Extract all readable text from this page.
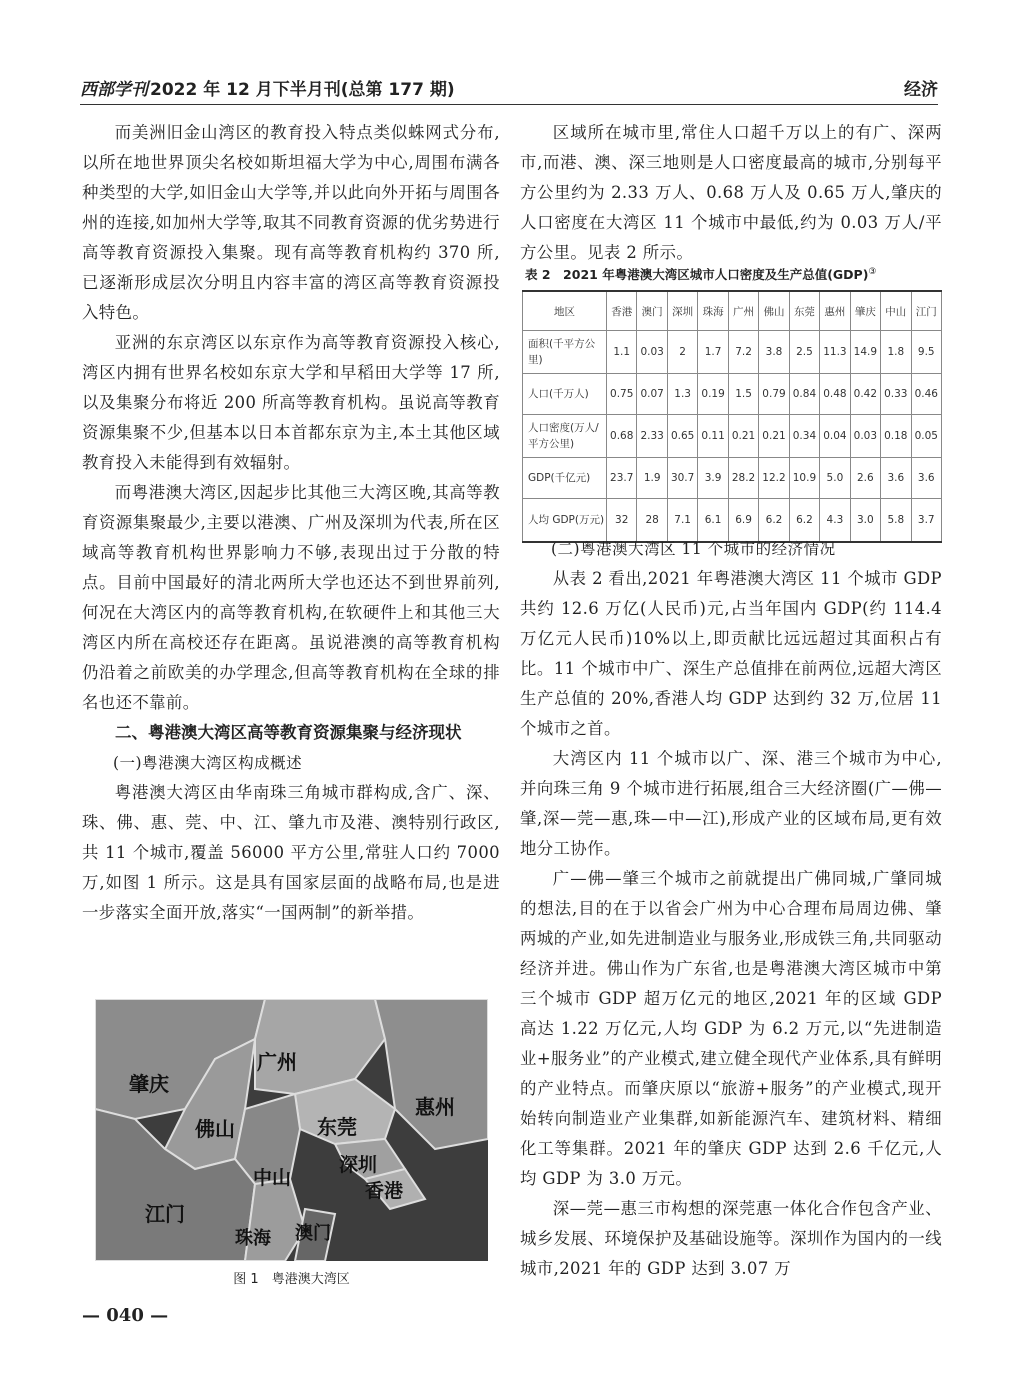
西部学刊 2022 年 12 月下半月刊(总第 177 期)	经济

而美洲旧金山湾区的教育投入特点类似蛛网式分布,以所在地世界顶尖名校如斯坦福大学为中心,周围布满各种类型的大学,如旧金山大学等,并以此向外开拓与周围各州的连接,如加州大学等,取其不同教育资源的优劣势进行高等教育资源投入集聚。现有高等教育机构约 370 所,已逐渐形成层次分明且内容丰富的湾区高等教育资源投入特色。

亚洲的东京湾区以东京作为高等教育资源投入核心,湾区内拥有世界名校如东京大学和早稻田大学等 17 所,以及集聚分布将近 200 所高等教育机构。虽说高等教育资源集聚不少,但基本以日本首都东京为主,本土其他区域教育投入未能得到有效辐射。

而粤港澳大湾区,因起步比其他三大湾区晚,其高等教育资源集聚最少,主要以港澳、广州及深圳为代表,所在区域高等教育机构世界影响力不够,表现出过于分散的特点。目前中国最好的清北两所大学也还达不到世界前列,何况在大湾区内的高等教育机构,在软硬件上和其他三大湾区内所在高校还存在距离。虽说港澳的高等教育机构仍沿着之前欧美的办学理念,但高等教育机构在全球的排名也还不靠前。

二、粤港澳大湾区高等教育资源集聚与经济现状
(一)粤港澳大湾区构成概述

粤港澳大湾区由华南珠三角城市群构成,含广、深、珠、佛、惠、莞、中、江、肇九市及港、澳特别行政区,共 11 个城市,覆盖 56000 平方公里,常驻人口约 7000 万,如图 1 所示。这是具有国家层面的战略布局,也是进一步落实全面开放,落实“一国两制”的新举措。

肇庆
广州
佛山	东莞
惠州
中山
深圳
香港
江门
珠海 澳门
图 1　粤港澳大湾区

区域所在城市里,常住人口超千万以上的有广、深两市,而港、澳、深三地则是人口密度最高的城市,分别每平方公里约为 2.33 万人、0.68 万人及 0.65 万人,肇庆的人口密度在大湾区 11 个城市中最低,约为 0.03 万人/平方公里。见表 2 所示。

表 2　2021 年粤港澳大湾区城市人口密度及生产总值(GDP)③
地区	香港	澳门	深圳	珠海	广州	佛山	东莞	惠州	肇庆	中山	江门
面积(千平方公里)	1.1	0.03	2	1.7	7.2	3.8	2.5	11.3	14.9	1.8	9.5
人口(千万人)	0.75	0.07	1.3	0.19	1.5	0.79	0.84	0.48	0.42	0.33	0.46
人口密度(万人/平方公里)	0.68	2.33	0.65	0.11	0.21	0.21	0.34	0.04	0.03	0.18	0.05
GDP(千亿元)	23.7	1.9	30.7	3.9	28.2	12.2	10.9	5.0	2.6	3.6	3.6
人均 GDP(万元)	32	28	7.1	6.1	6.9	6.2	6.2	4.3	3.0	5.8	3.7
(二)粤港澳大湾区 11 个城市的经济情况

从表 2 看出,2021 年粤港澳大湾区 11 个城市 GDP 共约 12.6 万亿(人民币)元,占当年国内 GDP(约 114.4 万亿元人民币)10%以上,即贡献比远远超过其面积占有比。11 个城市中广、深生产总值排在前两位,远超大湾区生产总值的 20%,香港人均 GDP 达到约 32 万,位居 11 个城市之首。

大湾区内 11 个城市以广、深、港三个城市为中心,并向珠三角 9 个城市进行拓展,组合三大经济圈(广—佛—肇,深—莞—惠,珠—中—江),形成产业的区域布局,更有效地分工协作。

广—佛—肇三个城市之前就提出广佛同城,广肇同城的想法,目的在于以省会广州为中心合理布局周边佛、肇两城的产业,如先进制造业与服务业,形成铁三角,共同驱动经济并进。佛山作为广东省,也是粤港澳大湾区城市中第三个城市 GDP 超万亿元的地区,2021 年的区域 GDP 高达 1.22 万亿元,人均 GDP 为 6.2 万元,以“先进制造业+服务业”的产业模式,建立健全现代产业体系,具有鲜明的产业特点。而肇庆原以“旅游+服务”的产业模式,现开始转向制造业产业集群,如新能源汽车、建筑材料、精细化工等集群。2021 年的肇庆 GDP 达到 2.6 千亿元,人均 GDP 为 3.0 万元。

深—莞—惠三市构想的深莞惠一体化合作包含产业、城乡发展、环境保护及基础设施等。深圳作为国内的一线城市,2021 年的 GDP 达到 3.07 万

— 040 —
